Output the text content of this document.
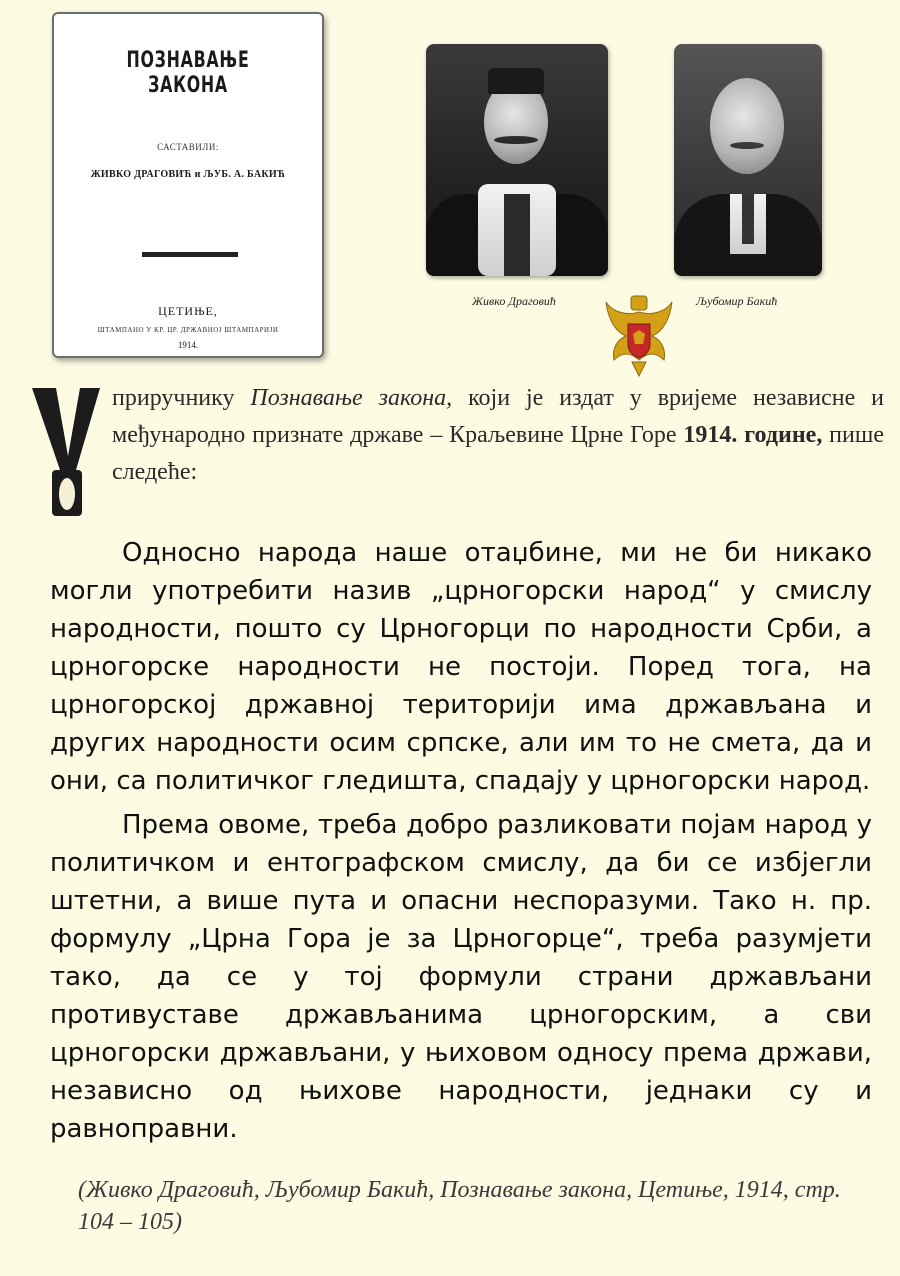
ПОЗНАВАЊЕ ЗАКОНА
САСТАВИЛИ:
ЖИВКО ДРАГОВИЋ и ЉУБ. А. БАКИЋ
ЦЕТИЊЕ,
ШТАМПАНО У КР. ЦР. ДРЖАВНОЈ ШТАМПАРИЈИ
1914.
Живко Драговић	Љубомир Бакић
приручнику Познавање закона, који је издат у вријеме независне и међународно признате државе – Краљевине Црне Горе 1914. године, пише следеће:

Односно народа наше отаџбине, ми не би никако могли употребити назив „црногорски народ“ у смислу народности, пошто су Црногорци по народности Срби, а црногорске народности не постоји. Поред тога, на црногорској државној територији има држављана и других народности осим српске, али им то не смета, да и они, са политичког гледишта, спадају у црногорски народ.

Према овоме, треба добро разликовати појам народ у политичком и ентографском смислу, да би се избјегли штетни, а више пута и опасни неспоразуми. Тако н. пр. формулу „Црна Гора је за Црногорце“, треба разумјети тако, да се у тој формули страни држављани противуставе држављанима црногорским, а сви црногорски држављани, у њиховом односу према држави, независно од њихове народности, једнаки су и равноправни.

(Живко Драговић, Љубомир Бакић, Познавање закона, Цетиње, 1914, стр. 104 – 105)
